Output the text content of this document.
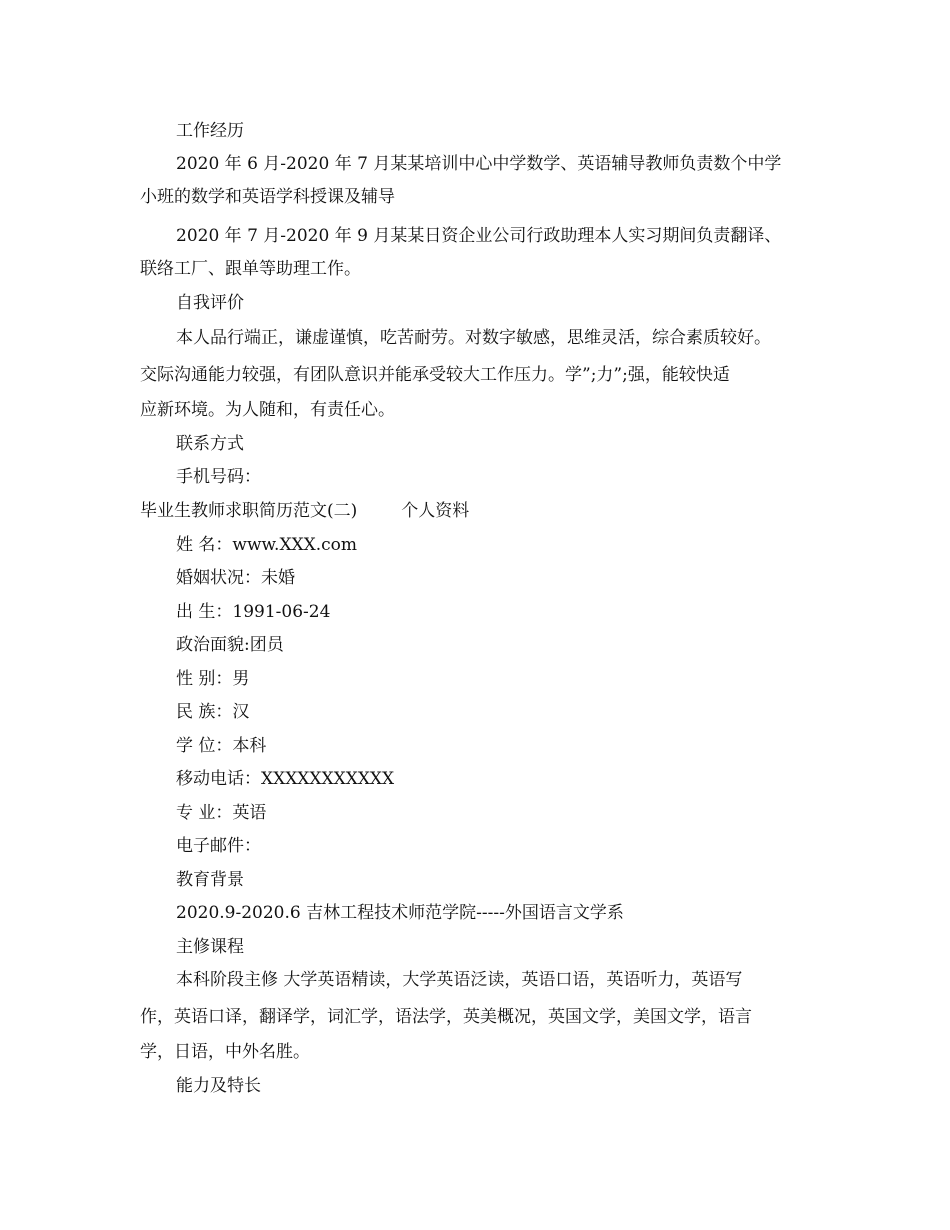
工作经历
2020 年 6 月-2020 年 7 月某某培训中心中学数学、英语辅导教师负责数个中学
小班的数学和英语学科授课及辅导
2020 年 7 月-2020 年 9 月某某日资企业公司行政助理本人实习期间负责翻译、
联络工厂、跟单等助理工作。
自我评价
本人品行端正，谦虚谨慎，吃苦耐劳。对数字敏感，思维灵活，综合素质较好。
交际沟通能力较强，有团队意识并能承受较大工作压力。学”;力”;强，能较快适
应新环境。为人随和，有责任心。
联系方式
手机号码：
毕业生教师求职简历范文(二)	个人资料
姓 名：www.XXX.com
婚姻状况：未婚
出 生：1991-06-24
政治面貌:团员
性 别：男
民 族：汉
学 位：本科
移动电话：XXXXXXXXXXX
专 业：英语
电子邮件：
教育背景
2020.9-2020.6 吉林工程技术师范学院-----外国语言文学系
主修课程
本科阶段主修 大学英语精读，大学英语泛读，英语口语，英语听力，英语写
作，英语口译，翻译学，词汇学，语法学，英美概况，英国文学，美国文学，语言
学，日语，中外名胜。
能力及特长
